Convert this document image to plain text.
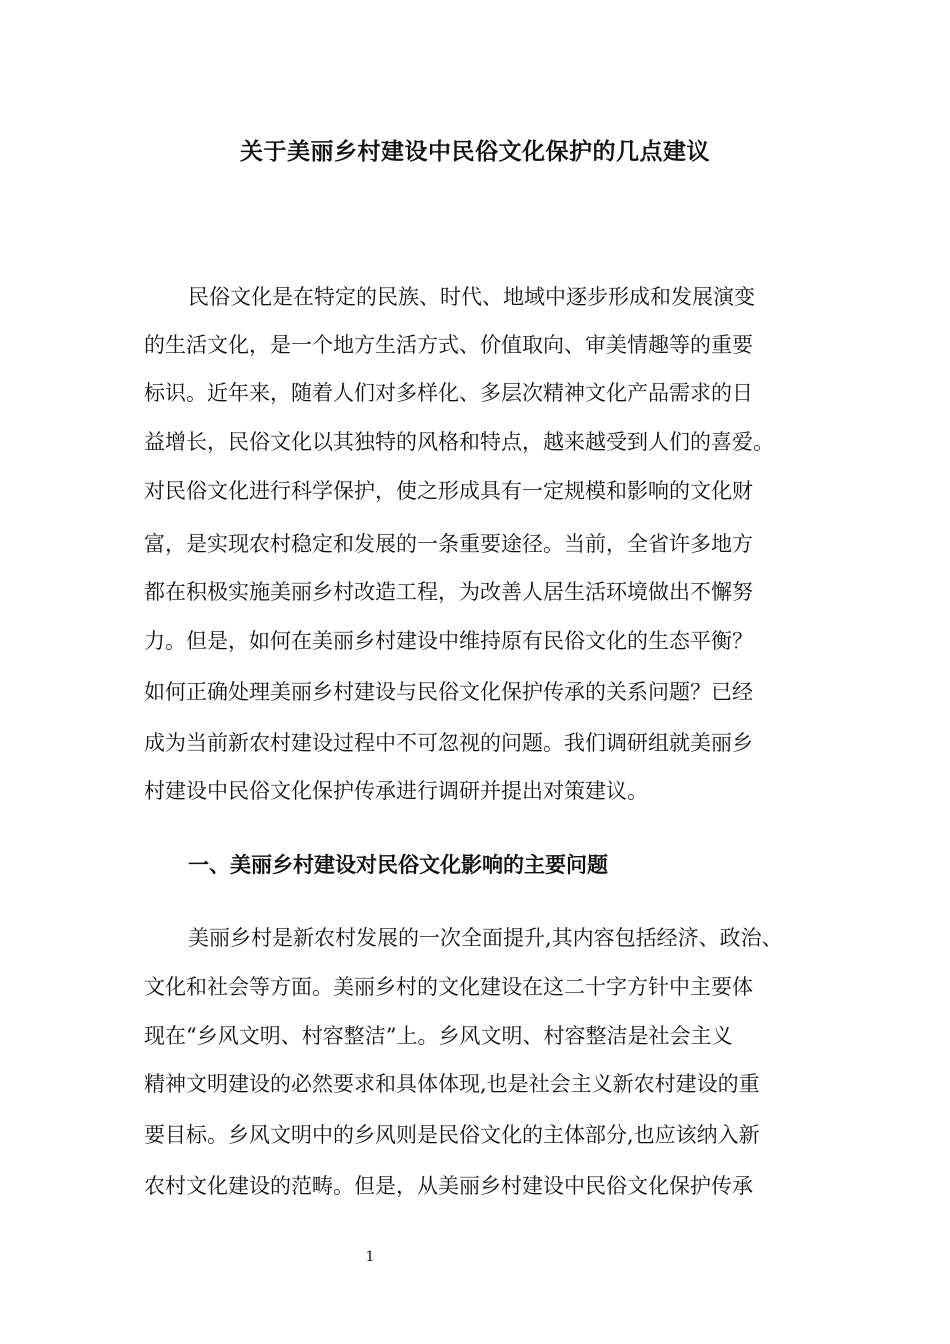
关于美丽乡村建设中民俗文化保护的几点建议
民俗文化是在特定的民族、时代、地域中逐步形成和发展演变
的生活文化，是一个地方生活方式、价值取向、审美情趣等的重要
标识。近年来，随着人们对多样化、多层次精神文化产品需求的日
益增长，民俗文化以其独特的风格和特点，越来越受到人们的喜爱。
对民俗文化进行科学保护，使之形成具有一定规模和影响的文化财
富，是实现农村稳定和发展的一条重要途径。当前，全省许多地方
都在积极实施美丽乡村改造工程，为改善人居生活环境做出不懈努
力。但是，如何在美丽乡村建设中维持原有民俗文化的生态平衡？
如何正确处理美丽乡村建设与民俗文化保护传承的关系问题？已经
成为当前新农村建设过程中不可忽视的问题。我们调研组就美丽乡
村建设中民俗文化保护传承进行调研并提出对策建议。
一、美丽乡村建设对民俗文化影响的主要问题
美丽乡村是新农村发展的一次全面提升,其内容包括经济、政治、
文化和社会等方面。美丽乡村的文化建设在这二十字方针中主要体
现在“乡风文明、村容整洁”上。乡风文明、村容整洁是社会主义
精神文明建设的必然要求和具体体现,也是社会主义新农村建设的重
要目标。乡风文明中的乡风则是民俗文化的主体部分,也应该纳入新
农村文化建设的范畴。但是，从美丽乡村建设中民俗文化保护传承
1
